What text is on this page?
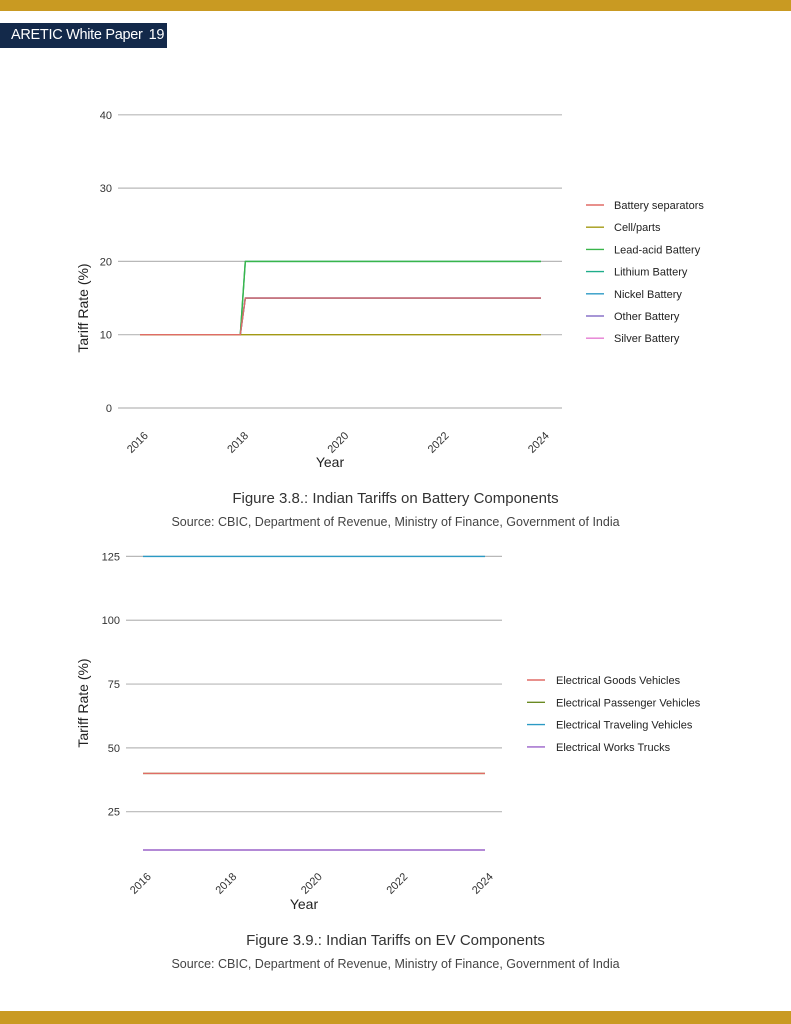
ARETIC White Paper 19
0
10
20
30
40
2016	2018	2020	2022	2024
Year
Tariff Rate (%)
Battery separators
Cell/parts
Lead-acid Battery
Lithium Battery
Nickel Battery
Other Battery
Silver Battery
Figure 3.8.: Indian Tariffs on Battery Components
Source: CBIC, Department of Revenue, Ministry of Finance, Government of India
25
50
75
100
125
2016	2018	2020	2022	2024
Year
Tariff Rate (%)	Electrical Goods Vehicles
Electrical Passenger Vehicles
Electrical Traveling Vehicles
Electrical Works Trucks
Figure 3.9.: Indian Tariffs on EV Components
Source: CBIC, Department of Revenue, Ministry of Finance, Government of India
